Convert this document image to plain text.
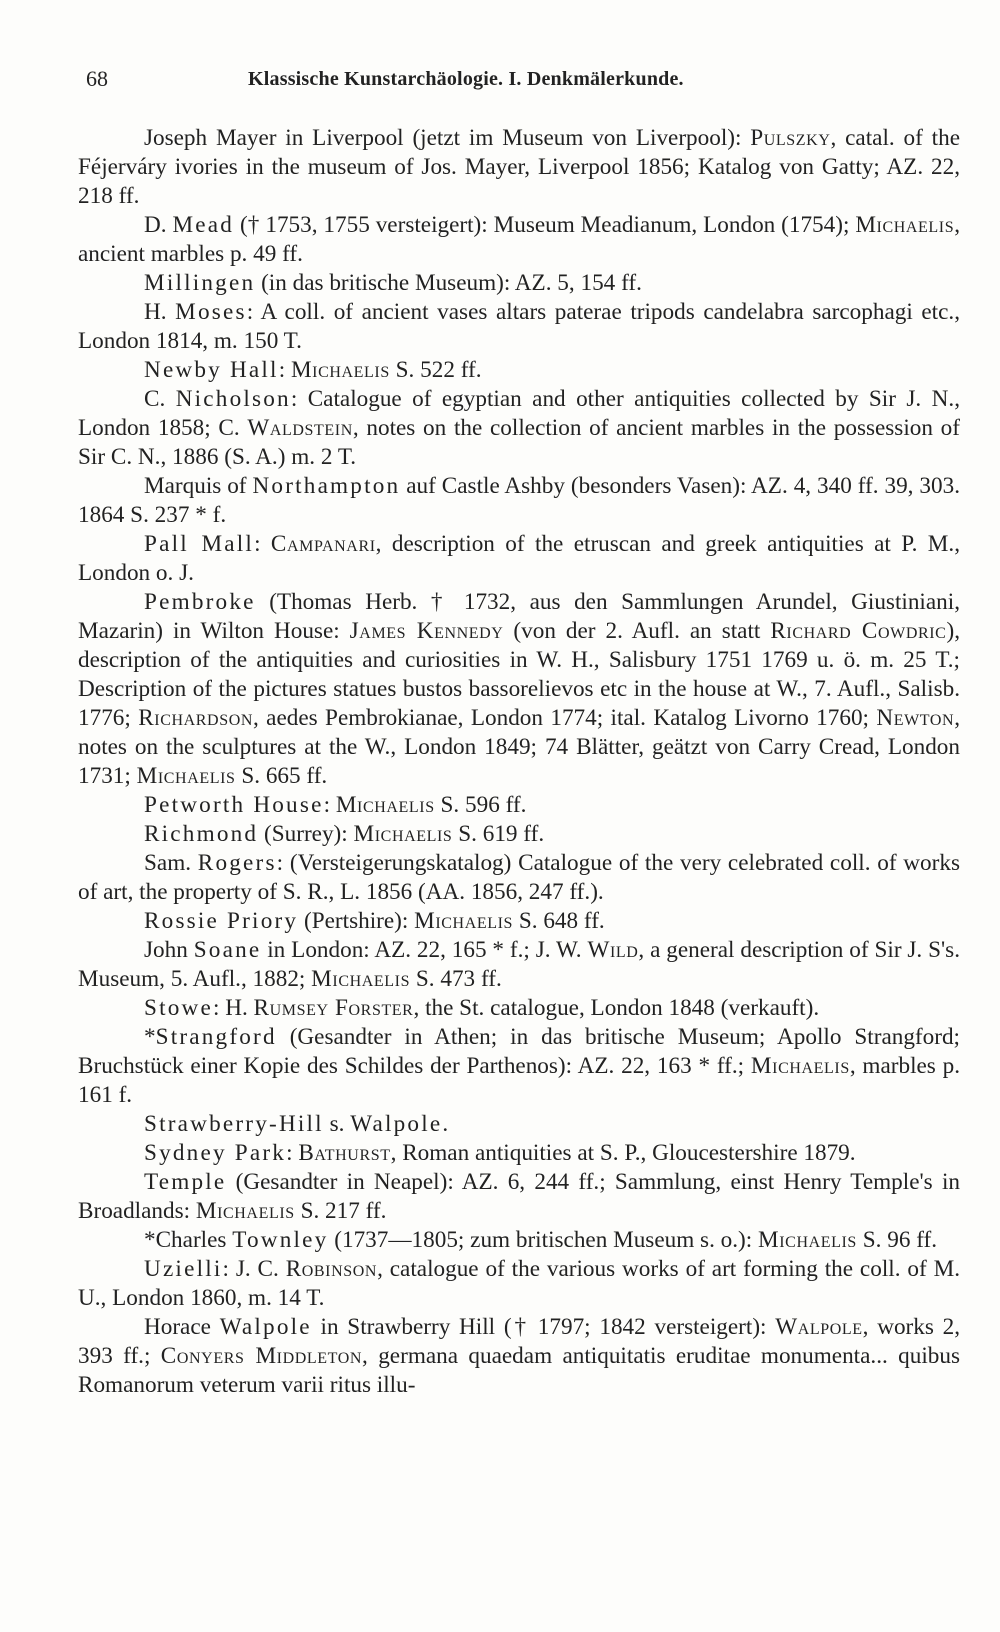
68	Klassische Kunstarchäologie. I. Denkmälerkunde.

Joseph Mayer in Liverpool (jetzt im Museum von Liverpool): Pulszky, catal. of the Féjerváry ivories in the museum of Jos. Mayer, Liverpool 1856; Katalog von Gatty; AZ. 22, 218 ff.

D. Mead († 1753, 1755 versteigert): Museum Meadianum, London (1754); Michaelis, ancient marbles p. 49 ff.

Millingen (in das britische Museum): AZ. 5, 154 ff.

H. Moses: A coll. of ancient vases altars paterae tripods candelabra sarcophagi etc., London 1814, m. 150 T.

Newby Hall: Michaelis S. 522 ff.

C. Nicholson: Catalogue of egyptian and other antiquities collected by Sir J. N., London 1858; C. Waldstein, notes on the collection of ancient marbles in the possession of Sir C. N., 1886 (S. A.) m. 2 T.

Marquis of Northampton auf Castle Ashby (besonders Vasen): AZ. 4, 340 ff. 39, 303. 1864 S. 237 * f.

Pall Mall: Campanari, description of the etruscan and greek antiquities at P. M., London o. J.

Pembroke (Thomas Herb. † 1732, aus den Sammlungen Arundel, Giustiniani, Mazarin) in Wilton House: James Kennedy (von der 2. Aufl. an statt Richard Cowdric), description of the antiquities and curiosities in W. H., Salisbury 1751 1769 u. ö. m. 25 T.; Description of the pictures statues bustos bassorelievos etc in the house at W., 7. Aufl., Salisb. 1776; Richardson, aedes Pembrokianae, London 1774; ital. Katalog Livorno 1760; Newton, notes on the sculptures at the W., London 1849; 74 Blätter, geätzt von Carry Cread, London 1731; Michaelis S. 665 ff.

Petworth House: Michaelis S. 596 ff.

Richmond (Surrey): Michaelis S. 619 ff.

Sam. Rogers: (Versteigerungskatalog) Catalogue of the very celebrated coll. of works of art, the property of S. R., L. 1856 (AA. 1856, 247 ff.).

Rossie Priory (Pertshire): Michaelis S. 648 ff.

John Soane in London: AZ. 22, 165 * f.; J. W. Wild, a general description of Sir J. S's. Museum, 5. Aufl., 1882; Michaelis S. 473 ff.

Stowe: H. Rumsey Forster, the St. catalogue, London 1848 (verkauft).

*Strangford (Gesandter in Athen; in das britische Museum; Apollo Strangford; Bruchstück einer Kopie des Schildes der Parthenos): AZ. 22, 163 * ff.; Michaelis, marbles p. 161 f.

Strawberry-Hill s. Walpole.

Sydney Park: Bathurst, Roman antiquities at S. P., Gloucestershire 1879.

Temple (Gesandter in Neapel): AZ. 6, 244 ff.; Sammlung, einst Henry Temple's in Broadlands: Michaelis S. 217 ff.

*Charles Townley (1737—1805; zum britischen Museum s. o.): Michaelis S. 96 ff.

Uzielli: J. C. Robinson, catalogue of the various works of art forming the coll. of M. U., London 1860, m. 14 T.

Horace Walpole in Strawberry Hill († 1797; 1842 versteigert): Walpole, works 2, 393 ff.; Conyers Middleton, germana quaedam antiquitatis eruditae monumenta... quibus Romanorum veterum varii ritus illu-
